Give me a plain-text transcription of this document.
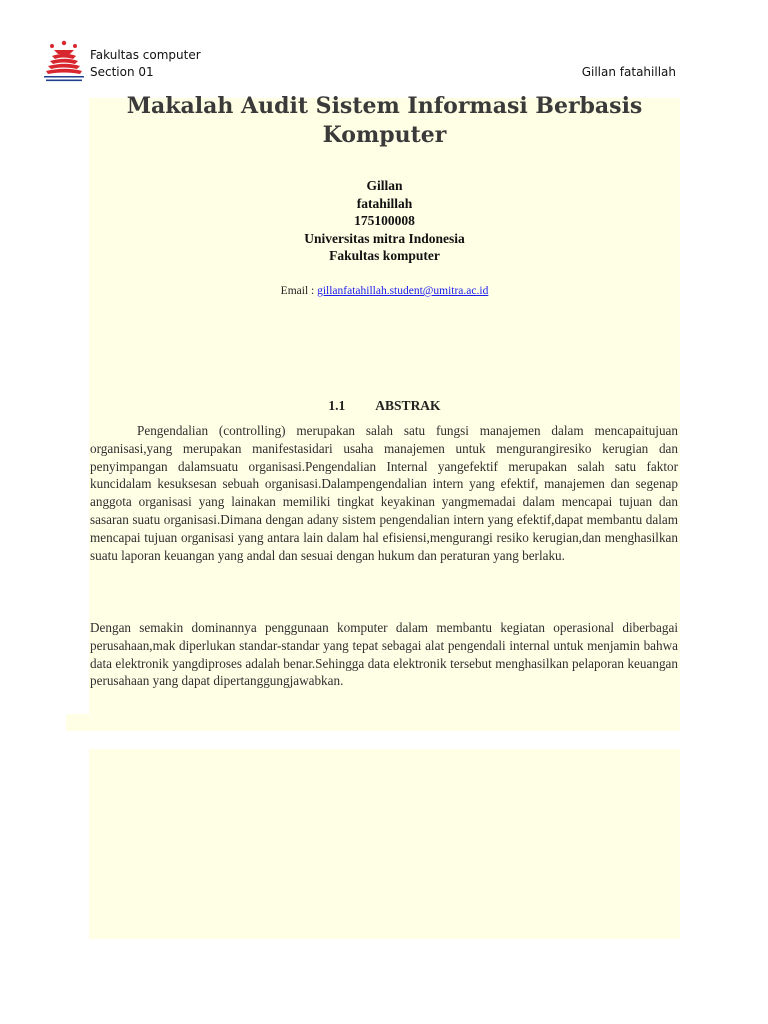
Fakultas computer
Section 01	Gillan fatahillah
Makalah Audit Sistem Informasi Berbasis Komputer
Gillan
fatahillah
175100008
Universitas mitra Indonesia
Fakultas komputer
Email : gillanfatahillah.student@umitra.ac.id
1.1 ABSTRAK

Pengendalian (controlling) merupakan salah satu fungsi manajemen dalam mencapaitujuan organisasi,yang merupakan manifestasidari usaha manajemen untuk mengurangiresiko kerugian dan penyimpangan dalamsuatu organisasi.Pengendalian Internal yangefektif merupakan salah satu faktor kuncidalam kesuksesan sebuah organisasi.Dalampengendalian intern yang efektif, manajemen dan segenap anggota organisasi yang lainakan memiliki tingkat keyakinan yangmemadai dalam mencapai tujuan dan sasaran suatu organisasi.Dimana dengan adany sistem pengendalian intern yang efektif,dapat membantu dalam mencapai tujuan organisasi yang antara lain dalam hal efisiensi,mengurangi resiko kerugian,dan menghasilkan suatu laporan keuangan yang andal dan sesuai dengan hukum dan peraturan yang berlaku.

Dengan semakin dominannya penggunaan komputer dalam membantu kegiatan operasional diberbagai perusahaan,mak diperlukan standar-standar yang tepat sebagai alat pengendali internal untuk menjamin bahwa data elektronik yangdiproses adalah benar.Sehingga data elektronik tersebut menghasilkan pelaporan keuangan perusahaan yang dapat dipertanggungjawabkan.
